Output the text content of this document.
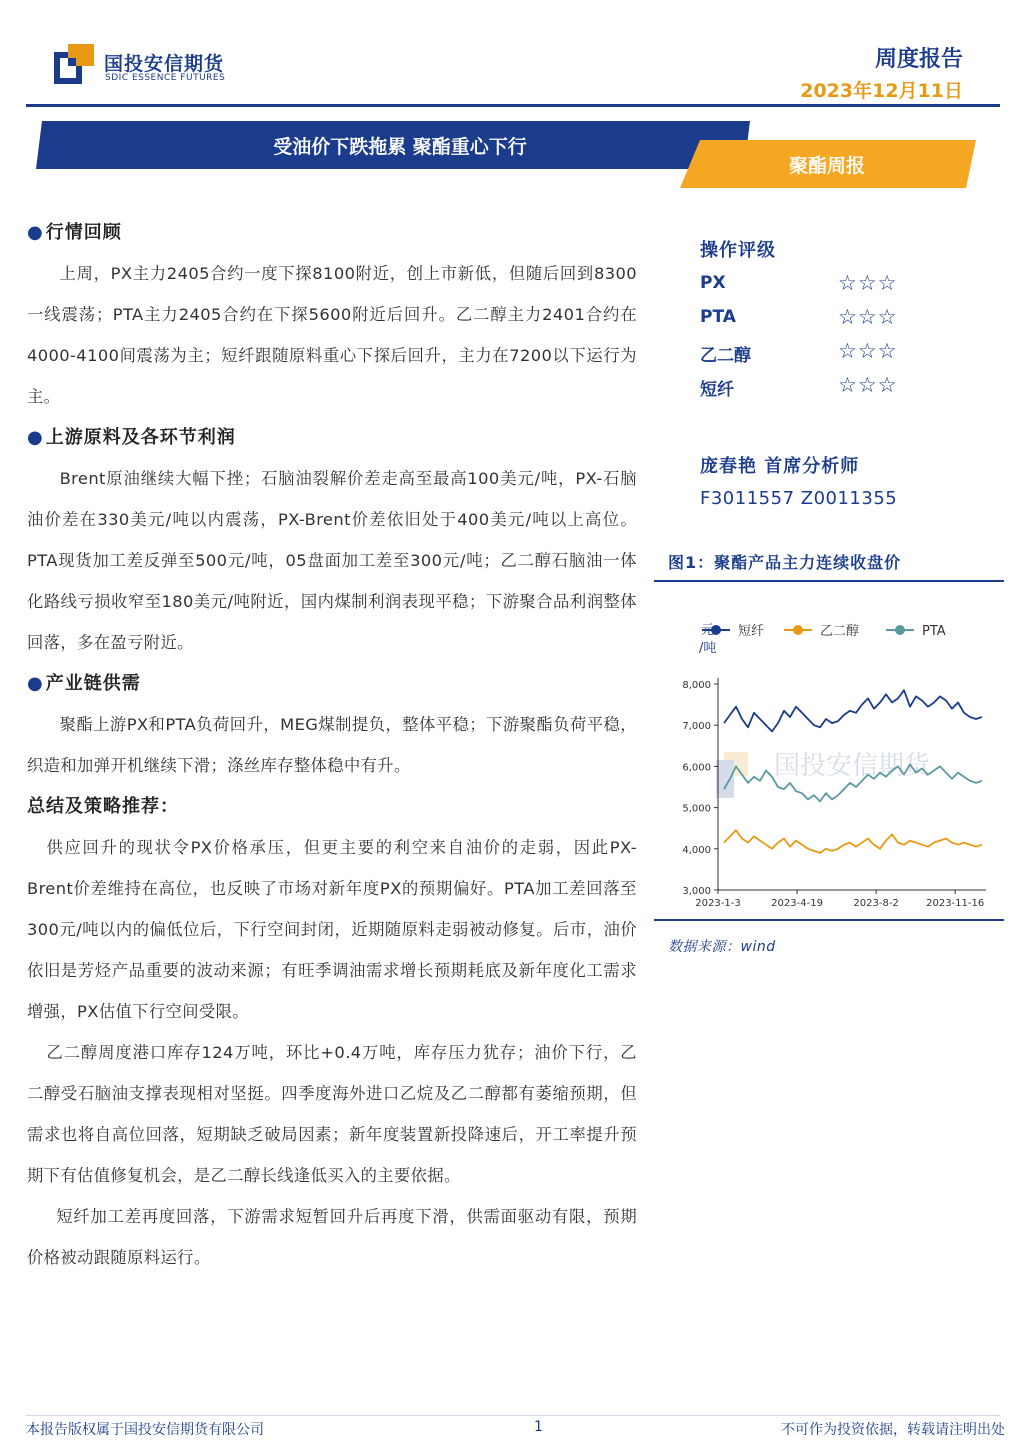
国投安信期货
SDIC ESSENCE FUTURES
周度报告
2023年12月11日
受油价下跌拖累 聚酯重心下行
聚酯周报

● 行情回顾

上周，PX主力2405合约一度下探8100附近，创上市新低，但随后回到8300一线震荡；PTA主力2405合约在下探5600附近后回升。乙二醇主力2401合约在4000-4100间震荡为主；短纤跟随原料重心下探后回升，主力在7200以下运行为主。

● 上游原料及各环节利润

Brent原油继续大幅下挫；石脑油裂解价差走高至最高100美元/吨，PX-石脑油价差在330美元/吨以内震荡，PX-Brent价差依旧处于400美元/吨以上高位。PTA现货加工差反弹至500元/吨，05盘面加工差至300元/吨；乙二醇石脑油一体化路线亏损收窄至180美元/吨附近，国内煤制利润表现平稳；下游聚合品利润整体回落，多在盈亏附近。

● 产业链供需

聚酯上游PX和PTA负荷回升，MEG煤制提负，整体平稳；下游聚酯负荷平稳，织造和加弹开机继续下滑；涤丝库存整体稳中有升。

总结及策略推荐：

供应回升的现状令PX价格承压，但更主要的利空来自油价的走弱，因此PX-Brent价差维持在高位，也反映了市场对新年度PX的预期偏好。PTA加工差回落至300元/吨以内的偏低位后，下行空间封闭，近期随原料走弱被动修复。后市，油价依旧是芳烃产品重要的波动来源；有旺季调油需求增长预期耗底及新年度化工需求增强，PX估值下行空间受限。

乙二醇周度港口库存124万吨，环比+0.4万吨，库存压力犹存；油价下行，乙二醇受石脑油支撑表现相对坚挺。四季度海外进口乙烷及乙二醇都有萎缩预期，但需求也将自高位回落，短期缺乏破局因素；新年度装置新投降速后，开工率提升预期下有估值修复机会，是乙二醇长线逢低买入的主要依据。

短纤加工差再度回落，下游需求短暂回升后再度下滑，供需面驱动有限，预期价格被动跟随原料运行。

操作评级
PX	☆☆☆
PTA	☆☆☆
乙二醇	☆☆☆
短纤	☆☆☆
庞春艳 首席分析师
F3011557 Z0011355
图1：聚酯产品主力连续收盘价
国投安信期货
短纤	乙二醇	PTA
元/吨
3,000
4,000
5,000
6,000
7,000
8,000
2023-1-3	2023-4-19	2023-8-2	2023-11-16
数据来源：wind
本报告版权属于国投安信期货有限公司	1	不可作为投资依据，转载请注明出处
